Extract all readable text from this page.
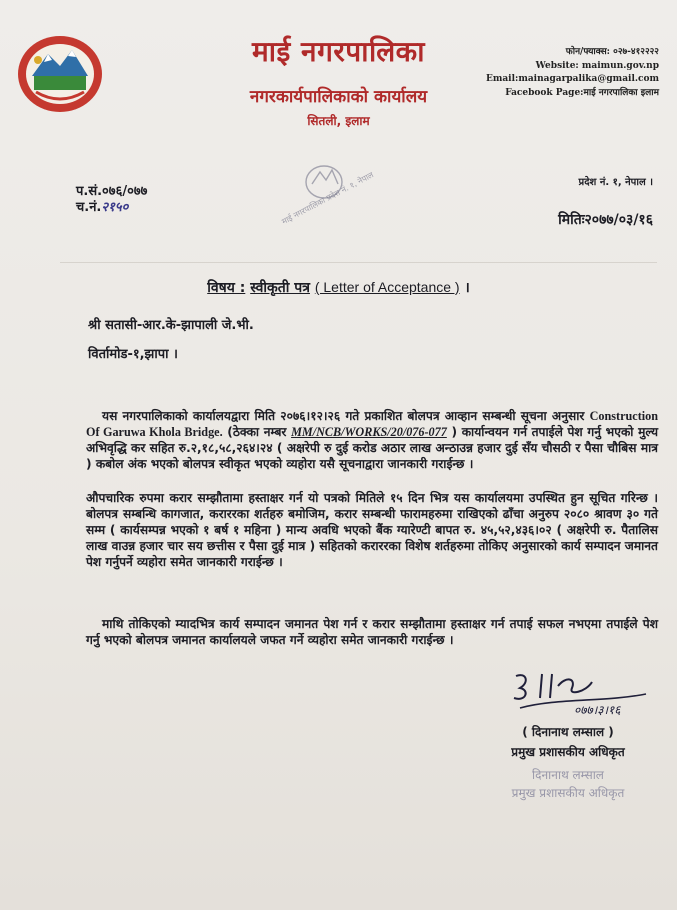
माई नगरपालिका
नगरकार्यपालिकाको कार्यालय
सितली, इलाम
फोन/फ्याक्स: ०२७-४१२२२२
Website: maimun.gov.np
Email:mainagarpalika@gmail.com
Facebook Page:माई नगरपालिका इलाम
प्रदेश नं. १, नेपाल ।
माई नगरपालिका प्रदेश नं. १, नेपाल
प.सं.०७६/०७७
च.नं.२१५०
मितिः२०७७/०३/१६
विषय : स्वीकृती पत्र ( Letter of Acceptance ) ।
श्री सतासी-आर.के-झापाली जे.भी.
विर्तामोड-१,झापा ।
यस नगरपालिकाको कार्यालयद्वारा मिति २०७६।१२।२६ गते प्रकाशित बोलपत्र आव्हान सम्बन्धी सूचना अनुसार Construction Of Garuwa Khola Bridge. (ठेक्का नम्बर MM/NCB/WORKS/20/076-077 ) कार्यान्वयन गर्न तपाईले पेश गर्नु भएको मुल्य अभिवृद्धि कर सहित रु.२,१८,५८,२६४।२४ ( अक्षरेपी रु दुई करोड अठार लाख अन्ठाउन्न हजार दुई सँय चौसठी र पैसा चौबिस मात्र ) कबोल अंक भएको बोलपत्र स्वीकृत भएको व्यहोरा यसै सूचनाद्वारा जानकारी गराईन्छ ।
औपचारिक रुपमा करार सम्झौतामा हस्ताक्षर गर्न यो पत्रको मितिले १५ दिन भित्र यस कार्यालयमा उपस्थित हुन सूचित गरिन्छ । बोलपत्र सम्बन्धि कागजात, कराररका शर्तहरु बमोजिम, करार सम्बन्धी फारामहरुमा राखिएको ढाँचा अनुरुप २०८० श्रावण ३० गते सम्म ( कार्यसम्पन्न भएको १ बर्ष १ महिना ) मान्य अवधि भएको बैंक ग्यारेण्टी बापत रु. ४५,५२,४३६।०२ ( अक्षरेपी रु. पैतालिस लाख वाउन्न हजार चार सय छत्तीस र पैसा दुई मात्र ) सहितको कराररका विशेष शर्तहरुमा तोकिए अनुसारको कार्य सम्पादन जमानत पेश गर्नुपर्ने व्यहोरा समेत जानकारी गराईन्छ ।
माथि तोकिएको म्यादभित्र कार्य सम्पादन जमानत पेश गर्न र करार सम्झौतामा हस्ताक्षर गर्न तपाई सफल नभएमा तपाईले पेश गर्नु भएको बोलपत्र जमानत कार्यालयले जफत गर्ने व्यहोरा समेत जानकारी गराईन्छ ।
०७७।३।१६
( दिनानाथ लम्साल )
प्रमुख प्रशासकीय अधिकृत
दिनानाथ लम्साल
प्रमुख प्रशासकीय अधिकृत
